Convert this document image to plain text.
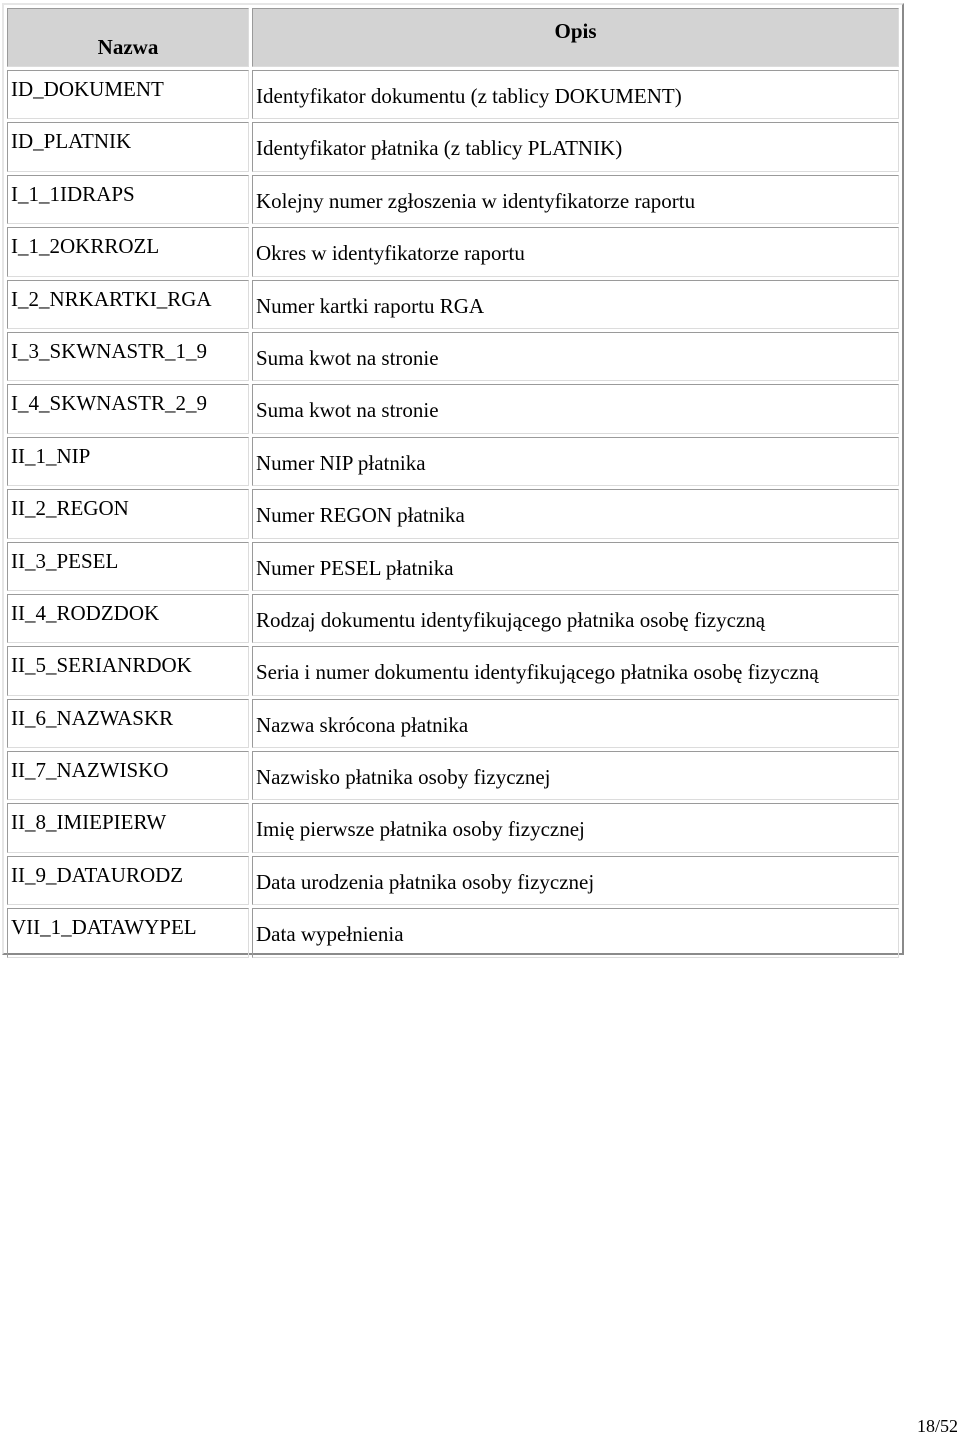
Nazwa	Opis
ID_DOKUMENT	Identyfikator dokumentu (z tablicy DOKUMENT)
ID_PLATNIK	Identyfikator płatnika (z tablicy PLATNIK)
I_1_1IDRAPS	Kolejny numer zgłoszenia w identyfikatorze raportu
I_1_2OKRROZL	Okres w identyfikatorze raportu
I_2_NRKARTKI_RGA	Numer kartki raportu RGA
I_3_SKWNASTR_1_9	Suma kwot na stronie
I_4_SKWNASTR_2_9	Suma kwot na stronie
II_1_NIP	Numer NIP płatnika
II_2_REGON	Numer REGON płatnika
II_3_PESEL	Numer PESEL płatnika
II_4_RODZDOK	Rodzaj dokumentu identyfikującego płatnika osobę fizyczną
II_5_SERIANRDOK	Seria i numer dokumentu identyfikującego płatnika osobę fizyczną
II_6_NAZWASKR	Nazwa skrócona płatnika
II_7_NAZWISKO	Nazwisko płatnika osoby fizycznej
II_8_IMIEPIERW	Imię pierwsze płatnika osoby fizycznej
II_9_DATAURODZ	Data urodzenia płatnika osoby fizycznej
VII_1_DATAWYPEL	Data wypełnienia
18/52
